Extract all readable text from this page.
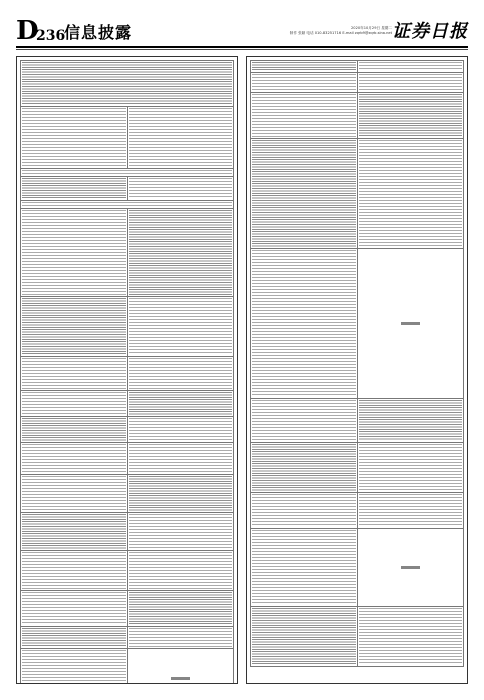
D
236
信息披露	2020年10月29日 星期二
制作 张颖 电话 010-83251716 E-mail zqrb9@zqrb.sina.net 证券日报
